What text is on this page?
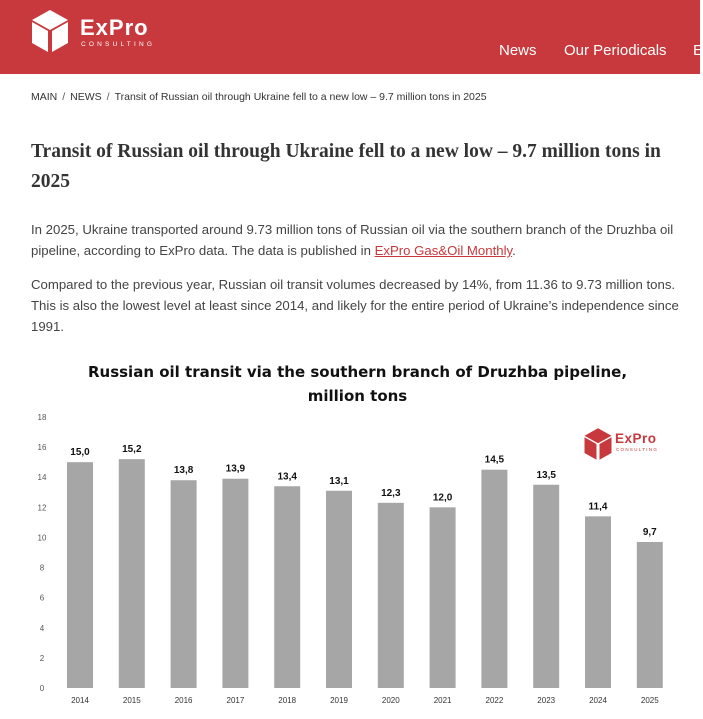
ExPro
CONSULTING	News Our Periodicals E
MAIN / NEWS / Transit of Russian oil through Ukraine fell to a new low – 9.7 million tons in 2025
Transit of Russian oil through Ukraine fell to a new low – 9.7 million tons in 2025

In 2025, Ukraine transported around 9.73 million tons of Russian oil via the southern branch of the Druzhba oil pipeline, according to ExPro data. The data is published in ExPro Gas&Oil Monthly.

Compared to the previous year, Russian oil transit volumes decreased by 14%, from 11.36 to 9.73 million tons. This is also the lowest level at least since 2014, and likely for the entire period of Ukraine’s independence since 1991.

Russian oil transit via the southern branch of Druzhba pipeline, million tons
0
2
4
6
8
10
12
14
16
18
15,0
2014
15,2
2015
13,8
2016
13,9
2017
13,4
2018
13,1
2019
12,3
2020
12,0
2021
14,5
2022
13,5
2023
11,4
2024
9,7
2025
ExPro
CONSULTING
